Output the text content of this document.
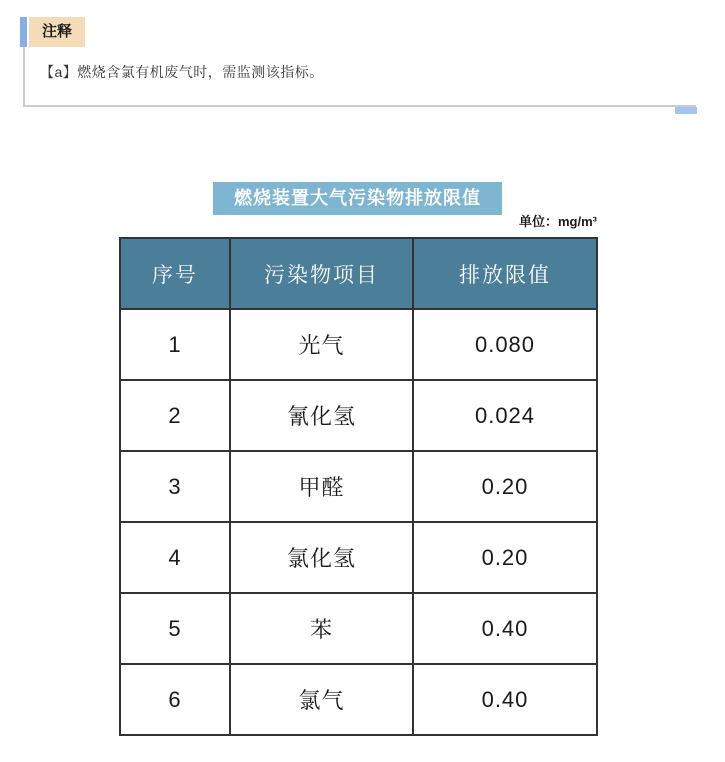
注释
【a】燃烧含氯有机废气时，需监测该指标。
燃烧装置大气污染物排放限值
单位：mg/m³
序号	污染物项目	排放限值
1	光气	0.080
2	氰化氢	0.024
3	甲醛	0.20
4	氯化氢	0.20
5	苯	0.40
6	氯气	0.40
